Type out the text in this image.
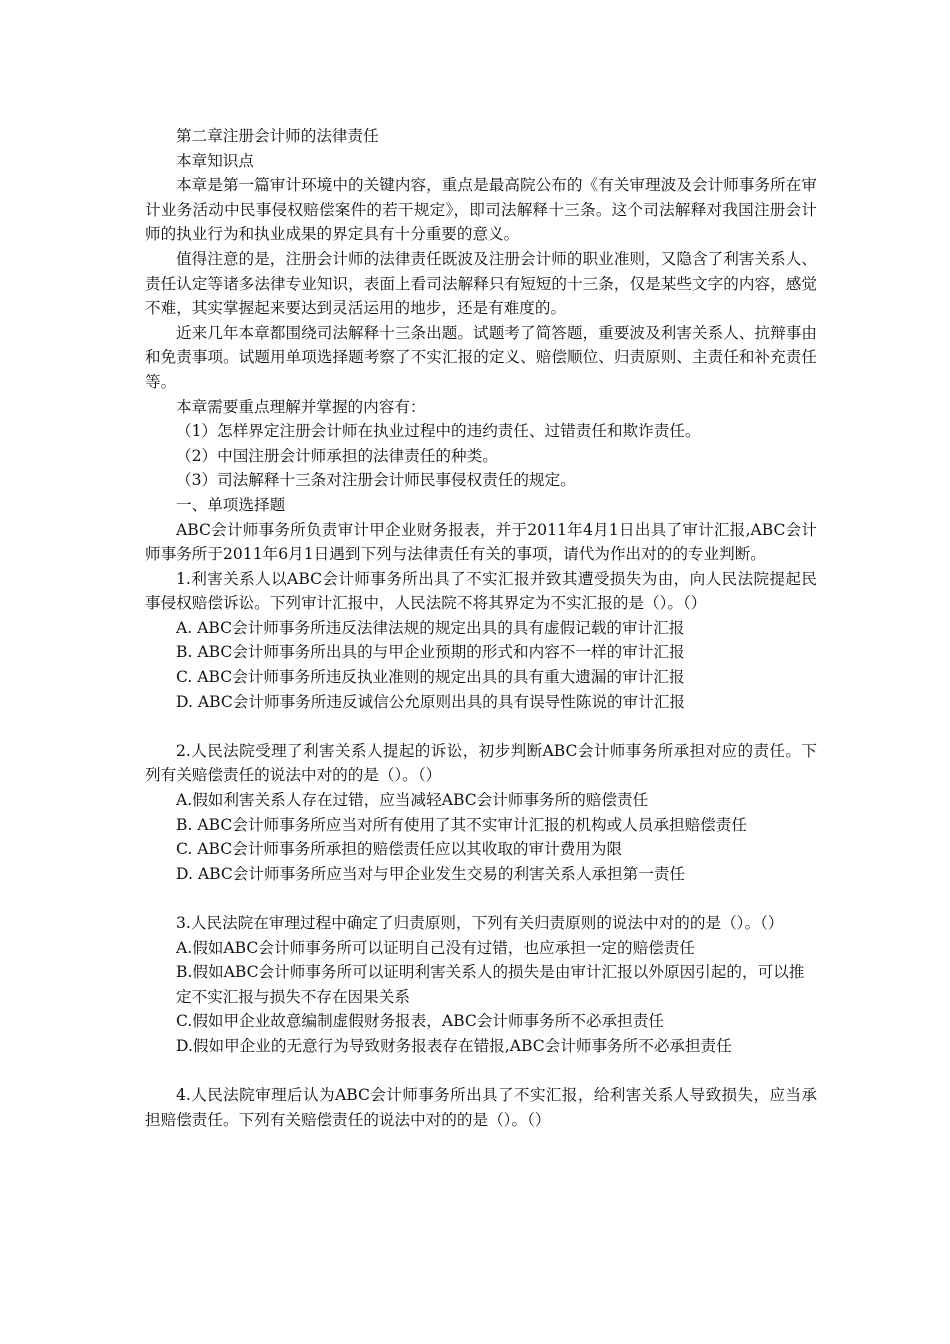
第二章注册会计师的法律责任

本章知识点

本章是第一篇审计环境中的关键内容，重点是最高院公布的《有关审理波及会计师事务所在审计业务活动中民事侵权赔偿案件的若干规定》，即司法解释十三条。这个司法解释对我国注册会计师的执业行为和执业成果的界定具有十分重要的意义。

值得注意的是，注册会计师的法律责任既波及注册会计师的职业准则，又隐含了利害关系人、责任认定等诸多法律专业知识，表面上看司法解释只有短短的十三条，仅是某些文字的内容，感觉不难，其实掌握起来要达到灵活运用的地步，还是有难度的。

近来几年本章都围绕司法解释十三条出题。试题考了简答题，重要波及利害关系人、抗辩事由和免责事项。试题用单项选择题考察了不实汇报的定义、赔偿顺位、归责原则、主责任和补充责任等。

本章需要重点理解并掌握的内容有：

（1）怎样界定注册会计师在执业过程中的违约责任、过错责任和欺诈责任。

（2）中国注册会计师承担的法律责任的种类。

（3）司法解释十三条对注册会计师民事侵权责任的规定。

一、单项选择题

ABC会计师事务所负责审计甲企业财务报表，并于2011年4月1日出具了审计汇报,ABC会计师事务所于2011年6月1日遇到下列与法律责任有关的事项，请代为作出对的的专业判断。

1.利害关系人以ABC会计师事务所出具了不实汇报并致其遭受损失为由，向人民法院提起民事侵权赔偿诉讼。下列审计汇报中，人民法院不将其界定为不实汇报的是（）。（）

A. ABC会计师事务所违反法律法规的规定出具的具有虚假记载的审计汇报

B. ABC会计师事务所出具的与甲企业预期的形式和内容不一样的审计汇报

C. ABC会计师事务所违反执业准则的规定出具的具有重大遗漏的审计汇报

D. ABC会计师事务所违反诚信公允原则出具的具有误导性陈说的审计汇报

2.人民法院受理了利害关系人提起的诉讼，初步判断ABC会计师事务所承担对应的责任。下列有关赔偿责任的说法中对的的是（）。（）

A.假如利害关系人存在过错，应当减轻ABC会计师事务所的赔偿责任

B. ABC会计师事务所应当对所有使用了其不实审计汇报的机构或人员承担赔偿责任

C. ABC会计师事务所承担的赔偿责任应以其收取的审计费用为限

D. ABC会计师事务所应当对与甲企业发生交易的利害关系人承担第一责任

3.人民法院在审理过程中确定了归责原则，下列有关归责原则的说法中对的的是（）。（）

A.假如ABC会计师事务所可以证明自己没有过错，也应承担一定的赔偿责任

B.假如ABC会计师事务所可以证明利害关系人的损失是由审计汇报以外原因引起的，可以推定不实汇报与损失不存在因果关系

C.假如甲企业故意编制虚假财务报表，ABC会计师事务所不必承担责任

D.假如甲企业的无意行为导致财务报表存在错报,ABC会计师事务所不必承担责任

4.人民法院审理后认为ABC会计师事务所出具了不实汇报，给利害关系人导致损失，应当承担赔偿责任。下列有关赔偿责任的说法中对的的是（）。（）
